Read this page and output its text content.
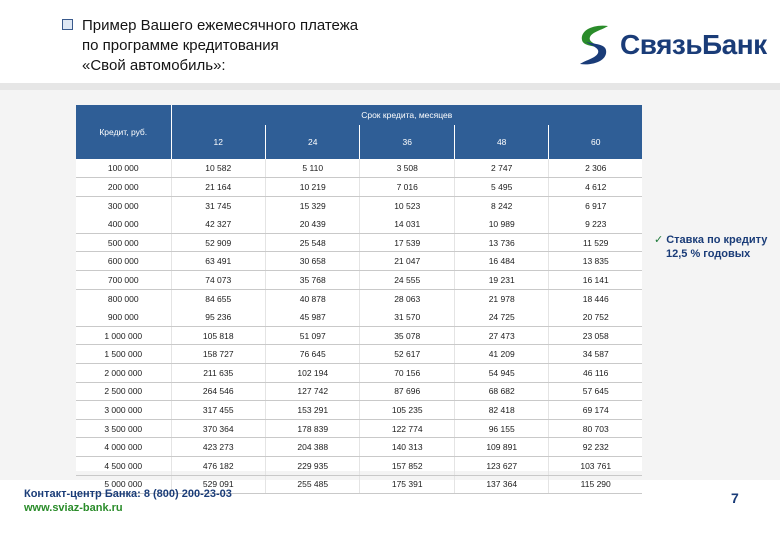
Пример Вашего ежемесячного платежа
по программе кредитования
«Свой автомобиль»:
СвязьБанк
Кредит, руб.	Срок кредита, месяцев				
	12	24	36	48	60
100 000	10 582	5 110	3 508	2 747	2 306
200 000	21 164	10 219	7 016	5 495	4 612
300 000	31 745	15 329	10 523	8 242	6 917
400 000	42 327	20 439	14 031	10 989	9 223
500 000	52 909	25 548	17 539	13 736	11 529
600 000	63 491	30 658	21 047	16 484	13 835
700 000	74 073	35 768	24 555	19 231	16 141
800 000	84 655	40 878	28 063	21 978	18 446
900 000	95 236	45 987	31 570	24 725	20 752
1 000 000	105 818	51 097	35 078	27 473	23 058
1 500 000	158 727	76 645	52 617	41 209	34 587
2 000 000	211 635	102 194	70 156	54 945	46 116
2 500 000	264 546	127 742	87 696	68 682	57 645
3 000 000	317 455	153 291	105 235	82 418	69 174
3 500 000	370 364	178 839	122 774	96 155	80 703
4 000 000	423 273	204 388	140 313	109 891	92 232
4 500 000	476 182	229 935	157 852	123 627	103 761
5 000 000	529 091	255 485	175 391	137 364	115 290
✓ Ставка по кредиту
12,5 % годовых
Контакт-центр Банка: 8 (800) 200-23-03
www.sviaz-bank.ru
7
